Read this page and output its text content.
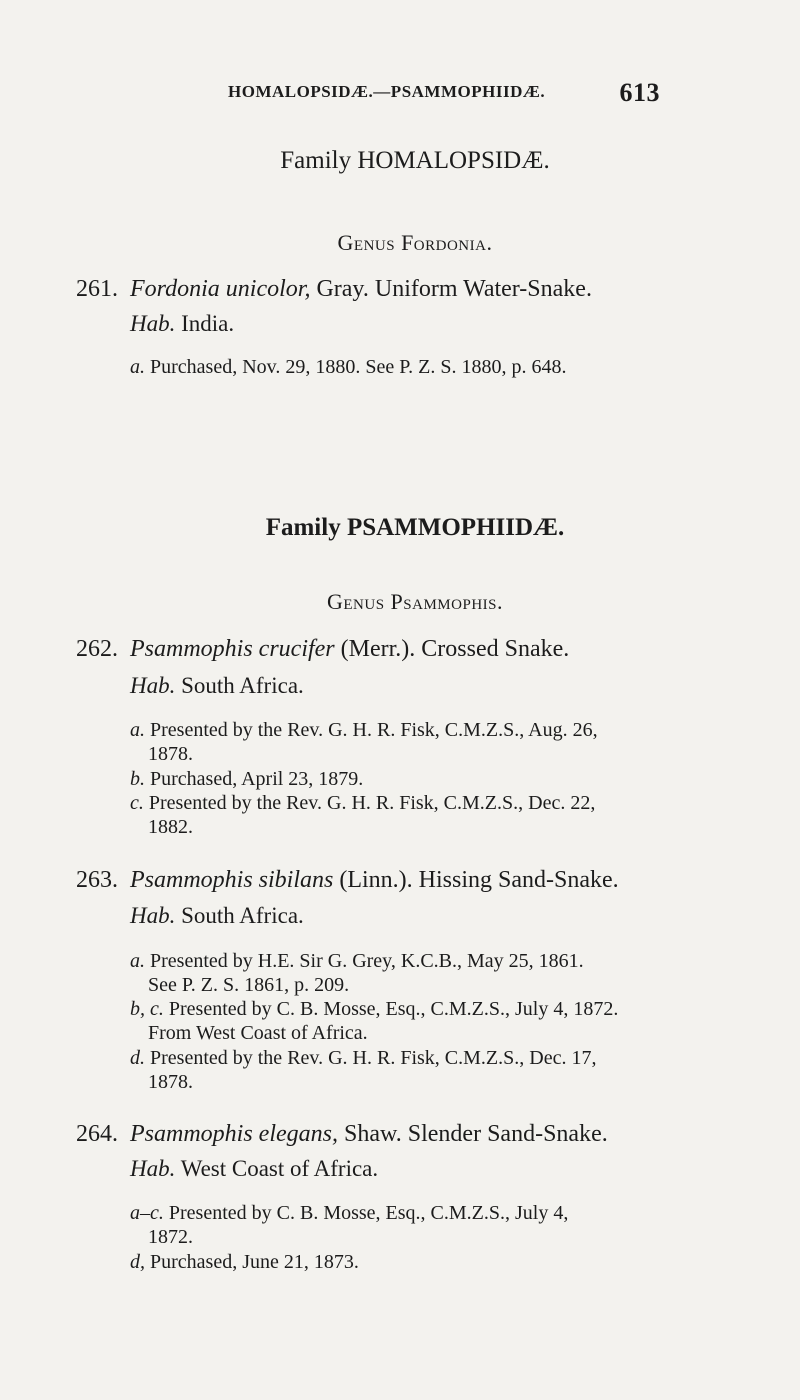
HOMALOPSIDÆ.—PSAMMOPHIIDÆ.	613
Family HOMALOPSIDÆ.
Genus Fordonia.
261. Fordonia unicolor, Gray. Uniform Water-Snake.
Hab. India.
a. Purchased, Nov. 29, 1880. See P. Z. S. 1880, p. 648.
Family PSAMMOPHIIDÆ.
Genus Psammophis.
262. Psammophis crucifer (Merr.). Crossed Snake.
Hab. South Africa.
a. Presented by the Rev. G. H. R. Fisk, C.M.Z.S., Aug. 26,
1878.
b. Purchased, April 23, 1879.
c. Presented by the Rev. G. H. R. Fisk, C.M.Z.S., Dec. 22,
1882.
263. Psammophis sibilans (Linn.). Hissing Sand-Snake.
Hab. South Africa.
a. Presented by H.E. Sir G. Grey, K.C.B., May 25, 1861.
See P. Z. S. 1861, p. 209.
b, c. Presented by C. B. Mosse, Esq., C.M.Z.S., July 4, 1872.
From West Coast of Africa.
d. Presented by the Rev. G. H. R. Fisk, C.M.Z.S., Dec. 17,
1878.
264. Psammophis elegans, Shaw. Slender Sand-Snake.
Hab. West Coast of Africa.
a–c. Presented by C. B. Mosse, Esq., C.M.Z.S., July 4,
1872.
d, Purchased, June 21, 1873.
